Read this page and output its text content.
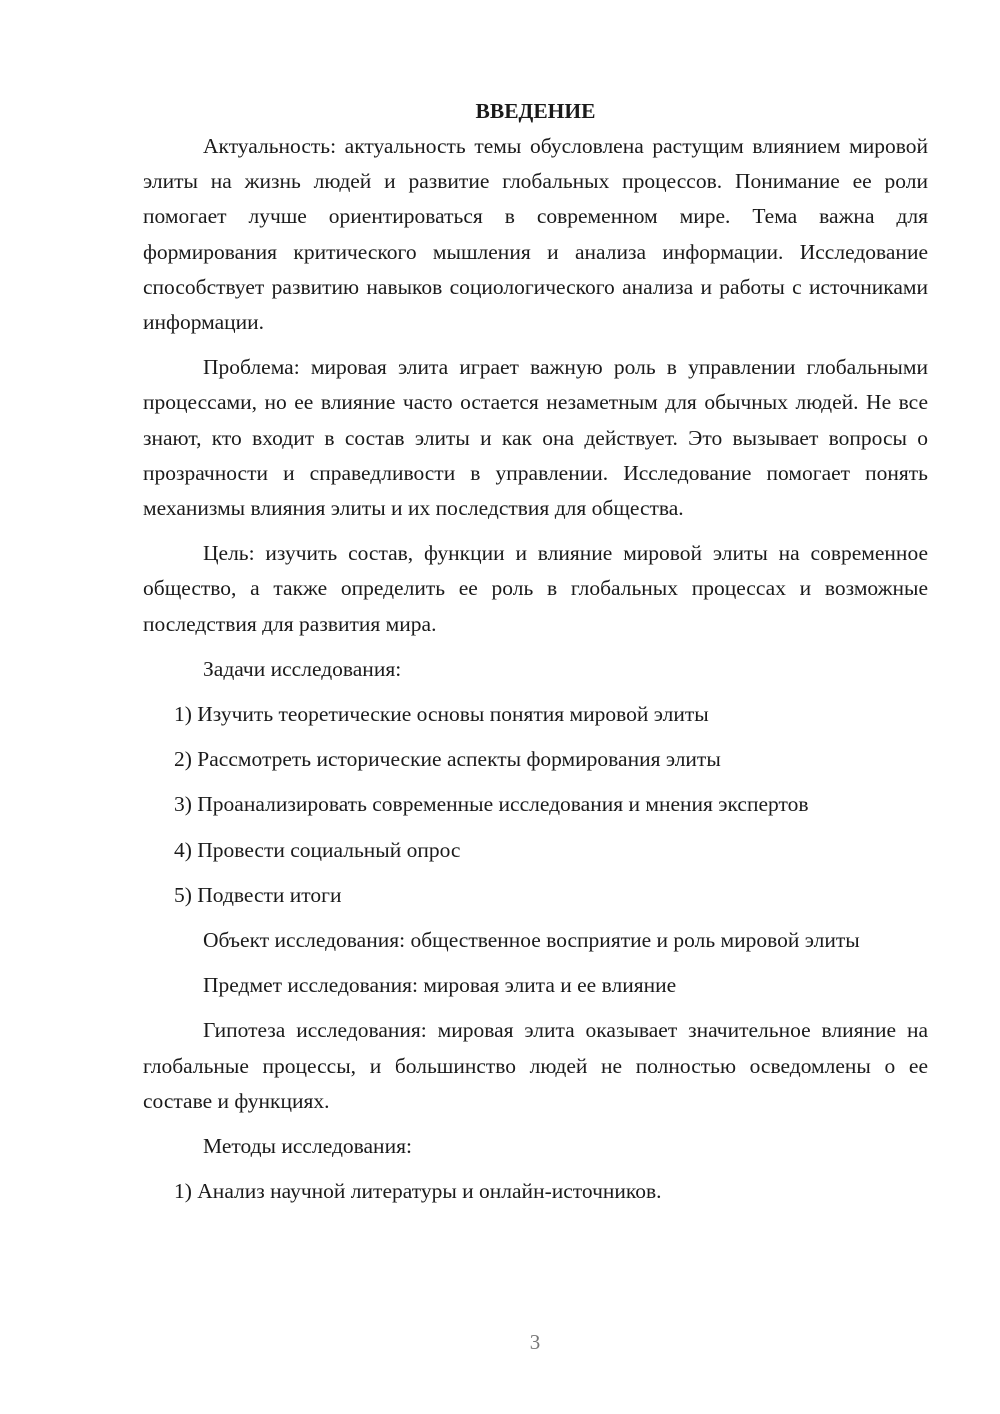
ВВЕДЕНИЕ

Актуальность: актуальность темы обусловлена растущим влиянием мировой элиты на жизнь людей и развитие глобальных процессов. Понимание ее роли помогает лучше ориентироваться в современном мире. Тема важна для формирования критического мышления и анализа информации. Исследование способствует развитию навыков социологического анализа и работы с источниками информации.

Проблема: мировая элита играет важную роль в управлении глобальными процессами, но ее влияние часто остается незаметным для обычных людей. Не все знают, кто входит в состав элиты и как она действует. Это вызывает вопросы о прозрачности и справедливости в управлении. Исследование помогает понять механизмы влияния элиты и их последствия для общества.

Цель: изучить состав, функции и влияние мировой элиты на современное общество, а также определить ее роль в глобальных процессах и возможные последствия для развития мира.

Задачи исследования:

1) Изучить теоретические основы понятия мировой элиты

2) Рассмотреть исторические аспекты формирования элиты

3) Проанализировать современные исследования и мнения экспертов

4) Провести социальный опрос

5) Подвести итоги

Объект исследования: общественное восприятие и роль мировой элиты

Предмет исследования: мировая элита и ее влияние

Гипотеза исследования: мировая элита оказывает значительное влияние на глобальные процессы, и большинство людей не полностью осведомлены о ее составе и функциях.

Методы исследования:

1) Анализ научной литературы и онлайн-источников.

3
